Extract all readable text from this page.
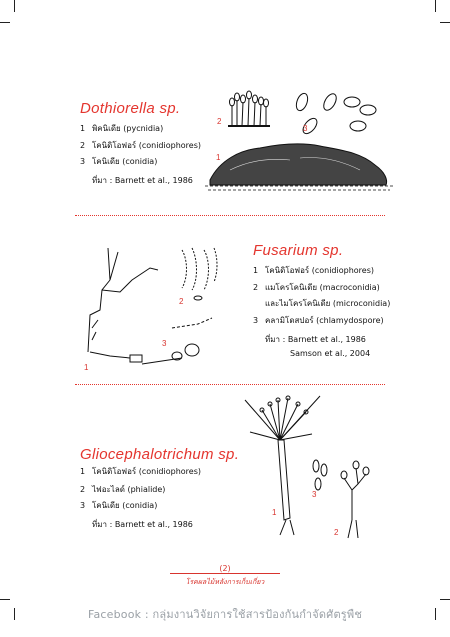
Dothiorella sp.
1 พิคนิเดีย (pycnidia)
2 โคนิดิโอฟอร์ (conidiophores)
3 โคนิเดีย (conidia)
ที่มา : Barnett et al., 1986
1
2
3
Fusarium sp.
1 โคนิดิโอฟอร์ (conidiophores)
2 แมโครโคนิเดีย (macroconidia)
และไมโครโคนิเดีย (microconidia)
3 คลามิโดสปอร์ (chlamydospore)
ที่มา : Barnett et al., 1986
Samson et al., 2004
1
2
3
Gliocephalotrichum sp.
1 โคนิดิโอฟอร์ (conidiophores)
2 ไฟอะไลด์ (phialide)
3 โคนิเดีย (conidia)
ที่มา : Barnett et al., 1986
1
2
3
(2)
โรคผลไม้หลังการเก็บเกี่ยว
Facebook : กลุ่มงานวิจัยการใช้สารป้องกันกำจัดศัตรูพืช
